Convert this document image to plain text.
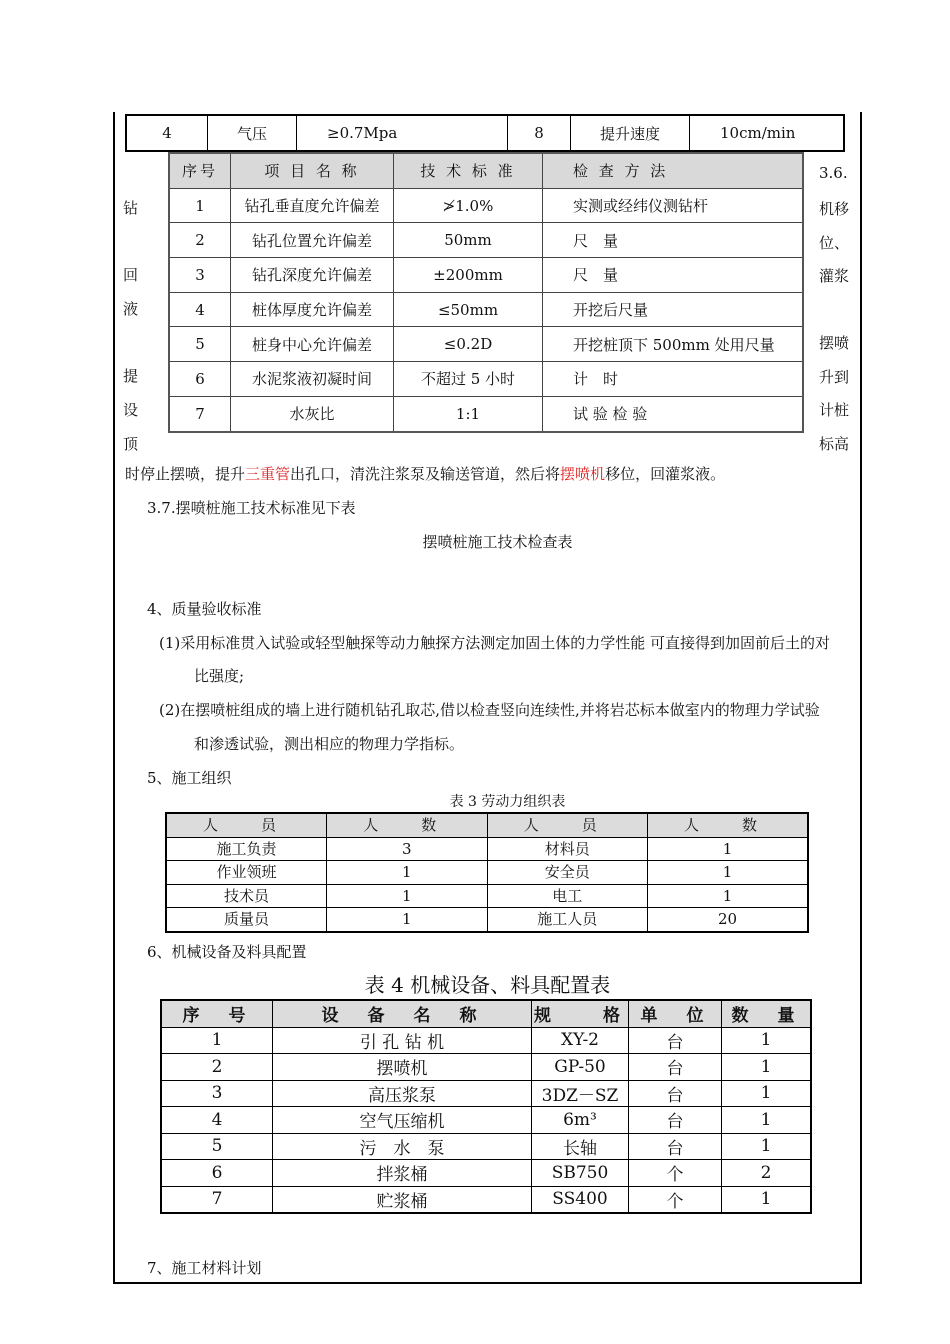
4	气压	≥0.7Mpa	8	提升速度	10cm/min
钻
回
液
提
设
顶
3.6.
机移
位、
灌浆
摆喷
升到
计桩
标高
序号	项 目 名 称	技 术 标 准	检 查 方 法
1	钻孔垂直度允许偏差	≯1.0%	实测或经纬仪测钻杆
2	钻孔位置允许偏差	50mm	尺　量
3	钻孔深度允许偏差	±200mm	尺　量
4	桩体厚度允许偏差	≤50mm	开挖后尺量
5	桩身中心允许偏差	≤0.2D	开挖桩顶下 500mm 处用尺量
6	水泥浆液初凝时间	不超过 5 小时	计　时
7	水灰比	1:1	试 验 检 验
时停止摆喷，提升三重管出孔口，清洗注浆泵及输送管道，然后将摆喷机移位，回灌浆液。
3.7.摆喷桩施工技术标准见下表
摆喷桩施工技术检查表
4、质量验收标准
(1)采用标准贯入试验或轻型触探等动力触探方法测定加固土体的力学性能 可直接得到加固前后土的对
比强度;
(2)在摆喷桩组成的墙上进行随机钻孔取芯,借以检查竖向连续性,并将岩芯标本做室内的物理力学试验
和渗透试验，测出相应的物理力学指标。
5、施工组织
表 3 劳动力组织表
人　员	人　数	人　员	人　数
施工负责	3	材料员	1
作业领班	1	安全员	1
技术员	1	电工	1
质量员	1	施工人员	20
6、机械设备及料具配置
表 4 机械设备、料具配置表
序　号	设　备　名　称	规　　格	单　位	数　量
1	引 孔 钻 机	XY-2	台	1
2	摆喷机	GP-50	台	1
3	高压浆泵	3DZ－SZ	台	1
4	空气压缩机	6m³	台	1
5	污　水　泵	长轴	台	1
6	拌浆桶	SB750	个	2
7	贮浆桶	SS400	个	1
7、施工材料计划
